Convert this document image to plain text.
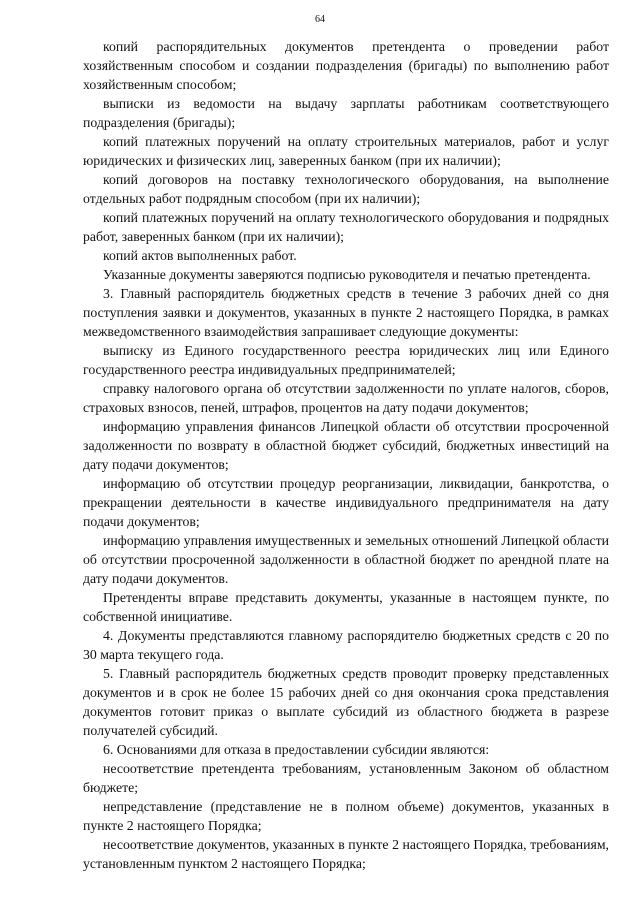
64

копий распорядительных документов претендента о проведении работ хозяйственным способом и создании подразделения (бригады) по выполнению работ хозяйственным способом;

выписки из ведомости на выдачу зарплаты работникам соответствующего подразделения (бригады);

копий платежных поручений на оплату строительных материалов, работ и услуг юридических и физических лиц, заверенных банком (при их наличии);

копий договоров на поставку технологического оборудования, на выполнение отдельных работ подрядным способом (при их наличии);

копий платежных поручений на оплату технологического оборудования и подрядных работ, заверенных банком (при их наличии);

копий актов выполненных работ.

Указанные документы заверяются подписью руководителя и печатью претендента.

3. Главный распорядитель бюджетных средств в течение 3 рабочих дней со дня поступления заявки и документов, указанных в пункте 2 настоящего Порядка, в рамках межведомственного взаимодействия запрашивает следующие документы:

выписку из Единого государственного реестра юридических лиц или Единого государственного реестра индивидуальных предпринимателей;

справку налогового органа об отсутствии задолженности по уплате налогов, сборов, страховых взносов, пеней, штрафов, процентов на дату подачи документов;

информацию управления финансов Липецкой области об отсутствии просроченной задолженности по возврату в областной бюджет субсидий, бюджетных инвестиций на дату подачи документов;

информацию об отсутствии процедур реорганизации, ликвидации, банкротства, о прекращении деятельности в качестве индивидуального предпринимателя на дату подачи документов;

информацию управления имущественных и земельных отношений Липецкой области об отсутствии просроченной задолженности в областной бюджет по арендной плате на дату подачи документов.

Претенденты вправе представить документы, указанные в настоящем пункте, по собственной инициативе.

4. Документы представляются главному распорядителю бюджетных средств с 20 по 30 марта текущего года.

5. Главный распорядитель бюджетных средств проводит проверку представленных документов и в срок не более 15 рабочих дней со дня окончания срока представления документов готовит приказ о выплате субсидий из областного бюджета в разрезе получателей субсидий.

6. Основаниями для отказа в предоставлении субсидии являются:

несоответствие претендента требованиям, установленным Законом об областном бюджете;

непредставление (представление не в полном объеме) документов, указанных в пункте 2 настоящего Порядка;

несоответствие документов, указанных в пункте 2 настоящего Порядка, требованиям, установленным пунктом 2 настоящего Порядка;
